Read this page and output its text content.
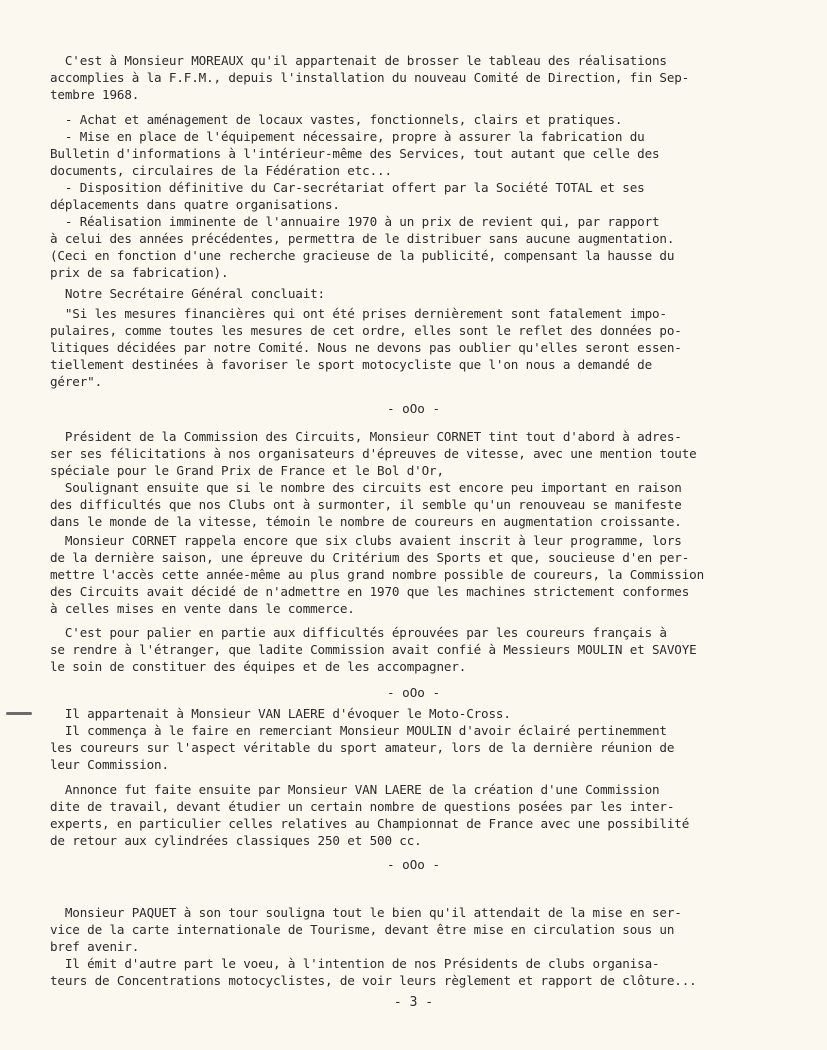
C'est à Monsieur MOREAUX qu'il appartenait de brosser le tableau des réalisations
accomplies à la F.F.M., depuis l'installation du nouveau Comité de Direction, fin Sep-
tembre 1968.

- Achat et aménagement de locaux vastes, fonctionnels, clairs et pratiques.
- Mise en place de l'équipement nécessaire, propre à assurer la fabrication du
Bulletin d'informations à l'intérieur-même des Services, tout autant que celle des
documents, circulaires de la Fédération etc...
- Disposition définitive du Car-secrétariat offert par la Société TOTAL et ses
déplacements dans quatre organisations.
- Réalisation imminente de l'annuaire 1970 à un prix de revient qui, par rapport
à celui des années précédentes, permettra de le distribuer sans aucune augmentation.
(Ceci en fonction d'une recherche gracieuse de la publicité, compensant la hausse du
prix de sa fabrication).

Notre Secrétaire Général concluait:

"Si les mesures financières qui ont été prises dernièrement sont fatalement impo-
pulaires, comme toutes les mesures de cet ordre, elles sont le reflet des données po-
litiques décidées par notre Comité. Nous ne devons pas oublier qu'elles seront essen-
tiellement destinées à favoriser le sport motocycliste que l'on nous a demandé de
gérer".

- oOo -

Président de la Commission des Circuits, Monsieur CORNET tint tout d'abord à adres-
ser ses félicitations à nos organisateurs d'épreuves de vitesse, avec une mention toute
spéciale pour le Grand Prix de France et le Bol d'Or,
Soulignant ensuite que si le nombre des circuits est encore peu important en raison
des difficultés que nos Clubs ont à surmonter, il semble qu'un renouveau se manifeste
dans le monde de la vitesse, témoin le nombre de coureurs en augmentation croissante.

Monsieur CORNET rappela encore que six clubs avaient inscrit à leur programme, lors
de la dernière saison, une épreuve du Critérium des Sports et que, soucieuse d'en per-
mettre l'accès cette année-même au plus grand nombre possible de coureurs, la Commission
des Circuits avait décidé de n'admettre en 1970 que les machines strictement conformes
à celles mises en vente dans le commerce.

C'est pour palier en partie aux difficultés éprouvées par les coureurs français à
se rendre à l'étranger, que ladite Commission avait confié à Messieurs MOULIN et SAVOYE
le soin de constituer des équipes et de les accompagner.

- oOo -

Il appartenait à Monsieur VAN LAERE d'évoquer le Moto-Cross.
Il commença à le faire en remerciant Monsieur MOULIN d'avoir éclairé pertinemment
les coureurs sur l'aspect véritable du sport amateur, lors de la dernière réunion de
leur Commission.

Annonce fut faite ensuite par Monsieur VAN LAERE de la création d'une Commission
dite de travail, devant étudier un certain nombre de questions posées par les inter-
experts, en particulier celles relatives au Championnat de France avec une possibilité
de retour aux cylindrées classiques 250 et 500 cc.

- oOo -

Monsieur PAQUET à son tour souligna tout le bien qu'il attendait de la mise en ser-
vice de la carte internationale de Tourisme, devant être mise en circulation sous un
bref avenir.
Il émit d'autre part le voeu, à l'intention de nos Présidents de clubs organisa-
teurs de Concentrations motocyclistes, de voir leurs règlement et rapport de clôture...

- 3 -
